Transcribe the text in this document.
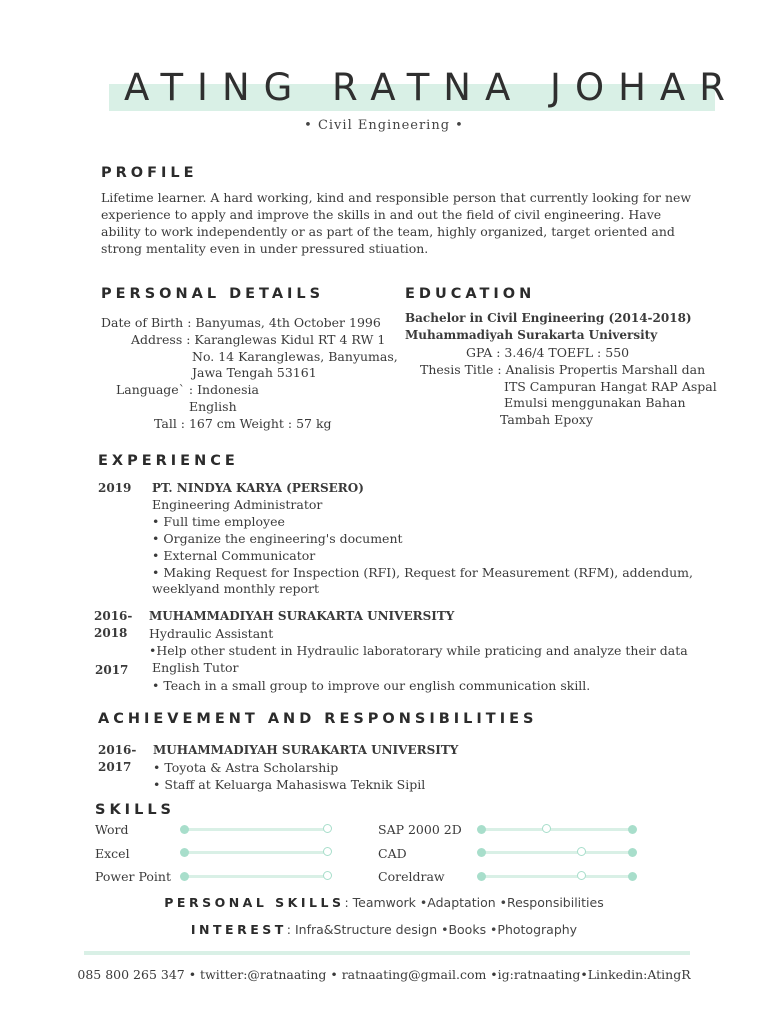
ATING RATNA JOHAR
• Civil Engineering •
PROFILE
Lifetime learner. A hard working, kind and responsible person that currently looking for new
experience to apply and improve the skills in and out the field of civil engineering. Have
ability to work independently or as part of the team, highly organized, target oriented and
strong mentality even in under pressured stiuation.
PERSONAL DETAILS
Date of Birth : Banyumas, 4th October 1996
Address : Karanglewas Kidul RT 4 RW 1
No. 14 Karanglewas, Banyumas,
Jawa Tengah 53161
Language` : Indonesia
English
Tall : 167 cm Weight : 57 kg
EDUCATION
Bachelor in Civil Engineering (2014-2018)
Muhammadiyah Surakarta University
GPA : 3.46/4 TOEFL : 550
Thesis Title : Analisis Propertis Marshall dan
ITS Campuran Hangat RAP Aspal
Emulsi menggunakan Bahan
Tambah Epoxy
EXPERIENCE
2019 PT. NINDYA KARYA (PERSERO)
Engineering Administrator
• Full time employee
• Organize the engineering's document
• External Communicator
• Making Request for Inspection (RFI), Request for Measurement (RFM), addendum,
weeklyand monthly report
2016-
2018
MUHAMMADIYAH SURAKARTA UNIVERSITY
Hydraulic Assistant
•Help other student in Hydraulic laboratorary while praticing and analyze their data
2017 English Tutor
• Teach in a small group to improve our english communication skill.
ACHIEVEMENT AND RESPONSIBILITIES
2016-
2017
MUHAMMADIYAH SURAKARTA UNIVERSITY
• Toyota & Astra Scholarship
• Staff at Keluarga Mahasiswa Teknik Sipil
SKILLS
Word
Excel
Power Point
SAP 2000 2D
CAD
Coreldraw
PERSONAL SKILLS: Teamwork •Adaptation •Responsibilities
INTEREST: Infra&Structure design •Books •Photography
085 800 265 347 • twitter:@ratnaating • ratnaating@gmail.com •ig:ratnaating•Linkedin:AtingR
